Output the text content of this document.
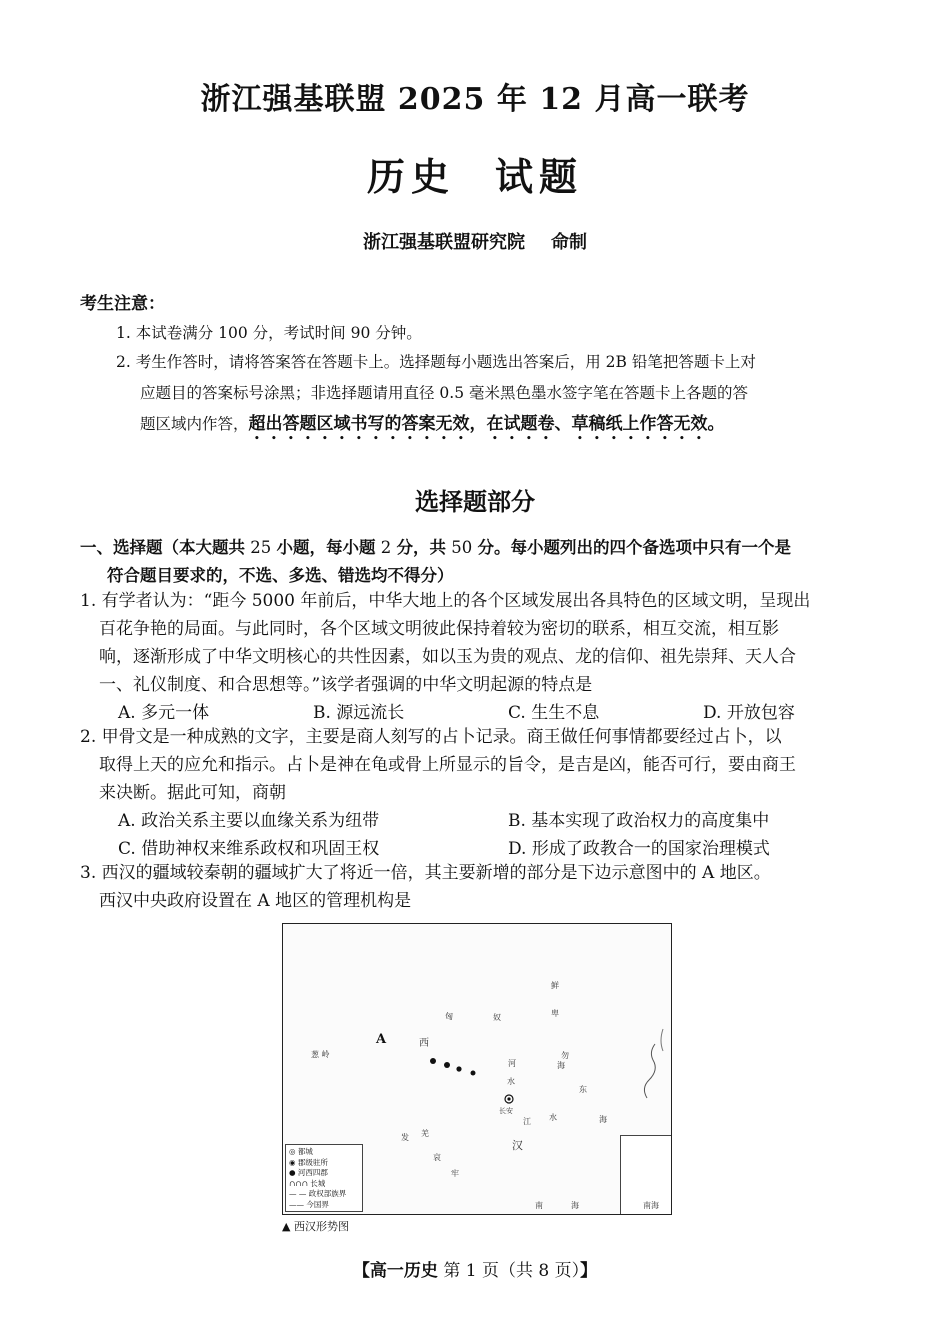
浙江强基联盟 2025 年 12 月高一联考
历史 试题
浙江强基联盟研究院 命制
考生注意：
1. 本试卷满分 100 分，考试时间 90 分钟。
2. 考生作答时，请将答案答在答题卡上。选择题每小题选出答案后，用 2B 铅笔把答题卡上对
应题目的答案标号涂黑；非选择题请用直径 0.5 毫米黑色墨水签字笔在答题卡上各题的答
题区域内作答，超出答题区域书写的答案无效，在试题卷、草稿纸上作答无效。
选择题部分
一、选择题（本大题共 25 小题，每小题 2 分，共 50 分。每小题列出的四个备选项中只有一个是
符合题目要求的，不选、多选、错选均不得分）
1. 有学者认为：“距今 5000 年前后，中华大地上的各个区域发展出各具特色的区域文明，呈现出
百花争艳的局面。与此同时，各个区域文明彼此保持着较为密切的联系，相互交流，相互影
响，逐渐形成了中华文明核心的共性因素，如以玉为贵的观点、龙的信仰、祖先崇拜、天人合
一、礼仪制度、和合思想等。”该学者强调的中华文明起源的特点是
A. 多元一体	B. 源远流长	C. 生生不息	D. 开放包容
2. 甲骨文是一种成熟的文字，主要是商人刻写的占卜记录。商王做任何事情都要经过占卜，以
取得上天的应允和指示。占卜是神在龟或骨上所显示的旨令，是吉是凶，能否可行，要由商王
来决断。据此可知，商朝
A. 政治关系主要以血缘关系为纽带	B. 基本实现了政治权力的高度集中
C. 借助神权来维系政权和巩固王权	D. 形成了政教合一的国家治理模式
3. 西汉的疆域较秦朝的疆域扩大了将近一倍，其主要新增的部分是下边示意图中的 A 地区。
西汉中央政府设置在 A 地区的管理机构是
A	西
葱 岭
鲜
卑
匈	奴
河
水
勿
海
东
海
长安
江 水
汉
发 羌
哀
牢
南	海
◎ 都城
◉ 郡级驻所
● 河西四郡
∩∩∩ 长城
— — 政权部族界
—— 今国界	南海
▲ 西汉形势图
【高一历史 第 1 页（共 8 页）】
